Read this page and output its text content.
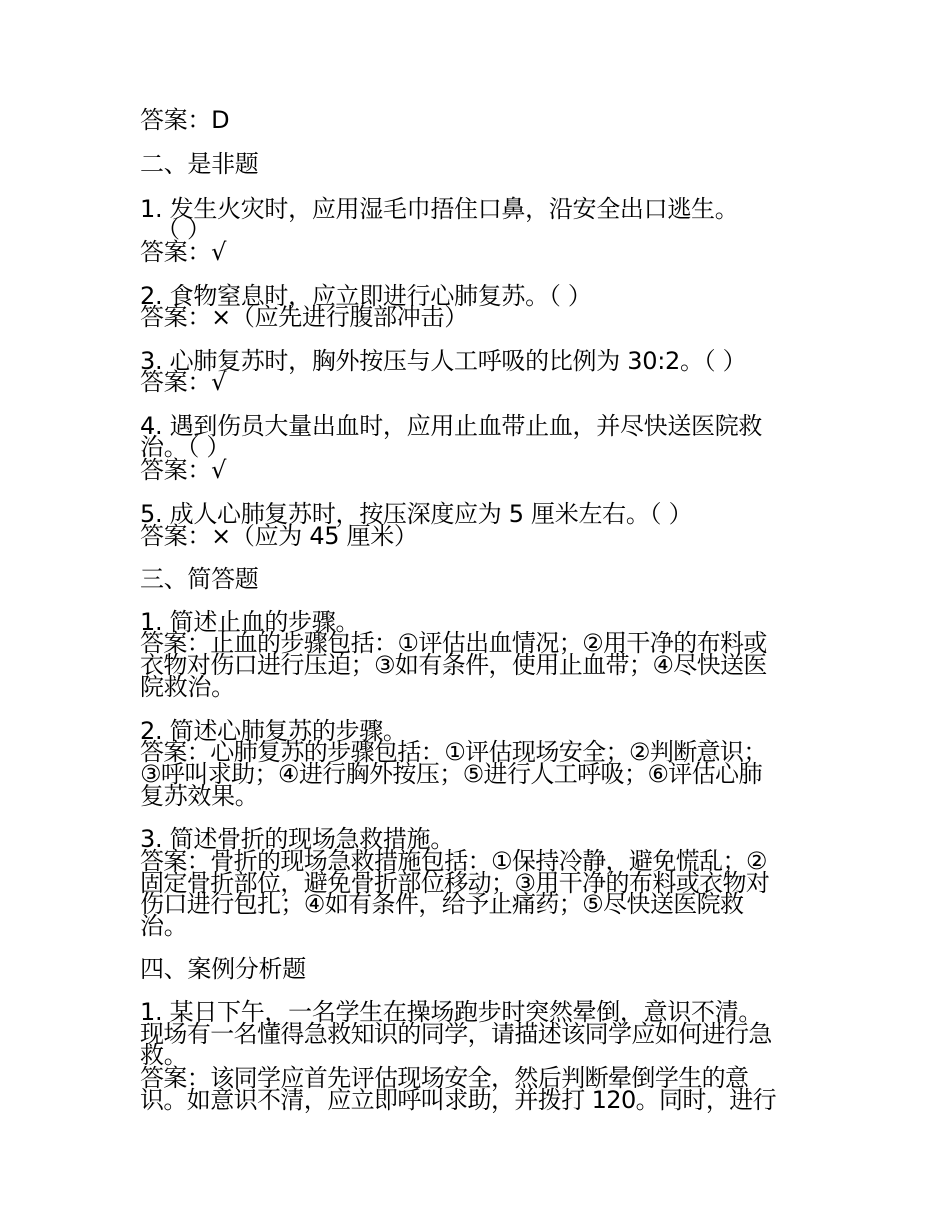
答案：D
二、是非题
1. 发生火灾时，应用湿毛巾捂住口鼻，沿安全出口逃生。
（ ）
答案：√
2. 食物窒息时，应立即进行心肺复苏。（ ）
答案：×（应先进行腹部冲击）
3. 心肺复苏时，胸外按压与人工呼吸的比例为 30:2。（ ）
答案：√
4. 遇到伤员大量出血时，应用止血带止血，并尽快送医院救
治。（ ）
答案：√
5. 成人心肺复苏时，按压深度应为 5 厘米左右。（ ）
答案：×（应为 45 厘米）
三、简答题
1. 简述止血的步骤。
答案：止血的步骤包括：①评估出血情况；②用干净的布料或
衣物对伤口进行压迫；③如有条件，使用止血带；④尽快送医
院救治。
2. 简述心肺复苏的步骤。
答案：心肺复苏的步骤包括：①评估现场安全；②判断意识；
③呼叫求助；④进行胸外按压；⑤进行人工呼吸；⑥评估心肺
复苏效果。
3. 简述骨折的现场急救措施。
答案：骨折的现场急救措施包括：①保持冷静，避免慌乱；②
固定骨折部位，避免骨折部位移动；③用干净的布料或衣物对
伤口进行包扎；④如有条件，给予止痛药；⑤尽快送医院救
治。
四、案例分析题
1. 某日下午，一名学生在操场跑步时突然晕倒，意识不清。
现场有一名懂得急救知识的同学，请描述该同学应如何进行急
救。
答案：该同学应首先评估现场安全，然后判断晕倒学生的意
识。如意识不清，应立即呼叫求助，并拨打 120。同时，进行
